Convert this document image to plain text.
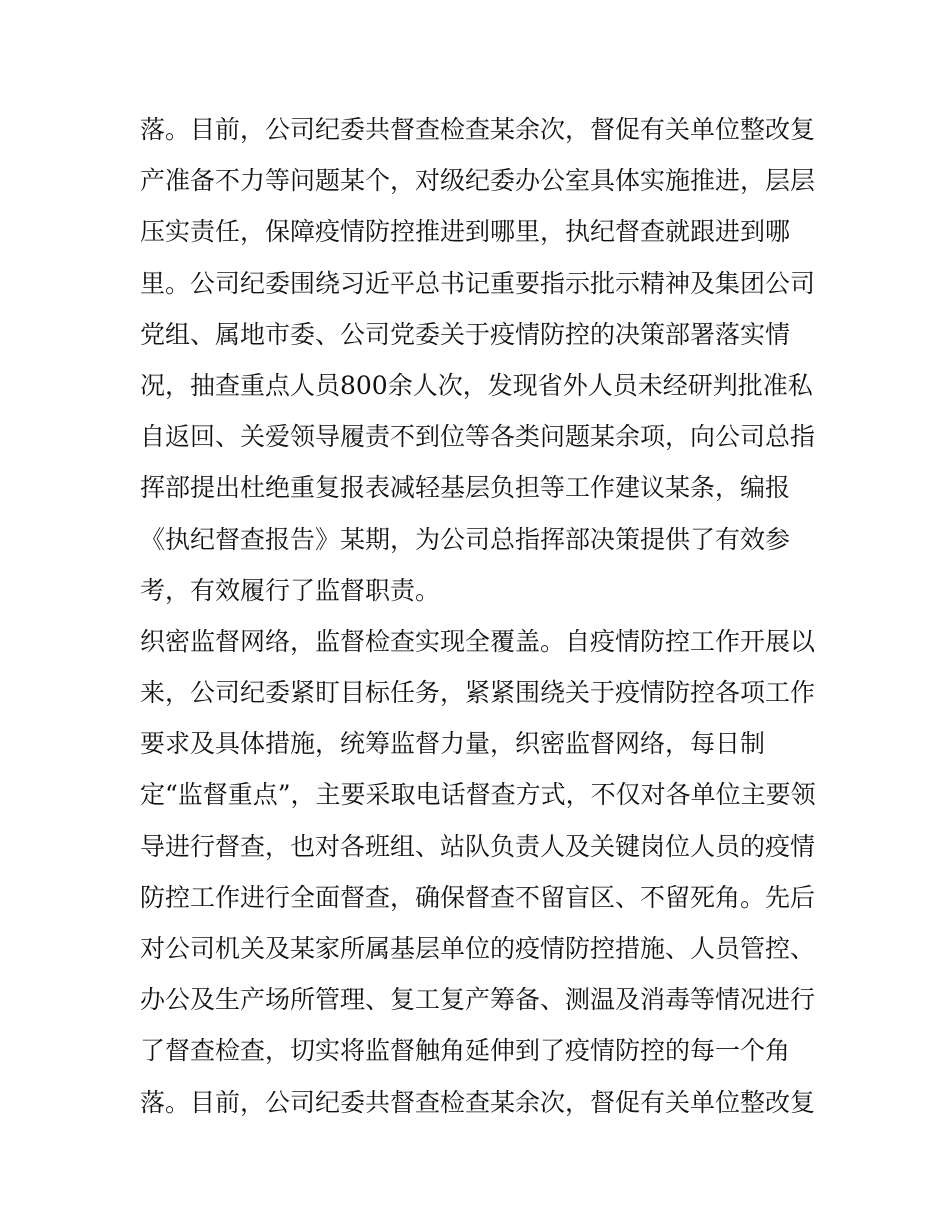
落。目前，公司纪委共督查检查某余次，督促有关单位整改复
产准备不力等问题某个，对级纪委办公室具体实施推进，层层
压实责任，保障疫情防控推进到哪里，执纪督查就跟进到哪
里。公司纪委围绕习近平总书记重要指示批示精神及集团公司
党组、属地市委、公司党委关于疫情防控的决策部署落实情
况，抽查重点人员800余人次，发现省外人员未经研判批准私
自返回、关爱领导履责不到位等各类问题某余项，向公司总指
挥部提出杜绝重复报表减轻基层负担等工作建议某条，编报
《执纪督查报告》某期，为公司总指挥部决策提供了有效参
考，有效履行了监督职责。
织密监督网络，监督检查实现全覆盖。自疫情防控工作开展以
来，公司纪委紧盯目标任务，紧紧围绕关于疫情防控各项工作
要求及具体措施，统筹监督力量，织密监督网络，每日制
定“监督重点”，主要采取电话督查方式，不仅对各单位主要领
导进行督查，也对各班组、站队负责人及关键岗位人员的疫情
防控工作进行全面督查，确保督查不留盲区、不留死角。先后
对公司机关及某家所属基层单位的疫情防控措施、人员管控、
办公及生产场所管理、复工复产筹备、测温及消毒等情况进行
了督查检查，切实将监督触角延伸到了疫情防控的每一个角
落。目前，公司纪委共督查检查某余次，督促有关单位整改复
